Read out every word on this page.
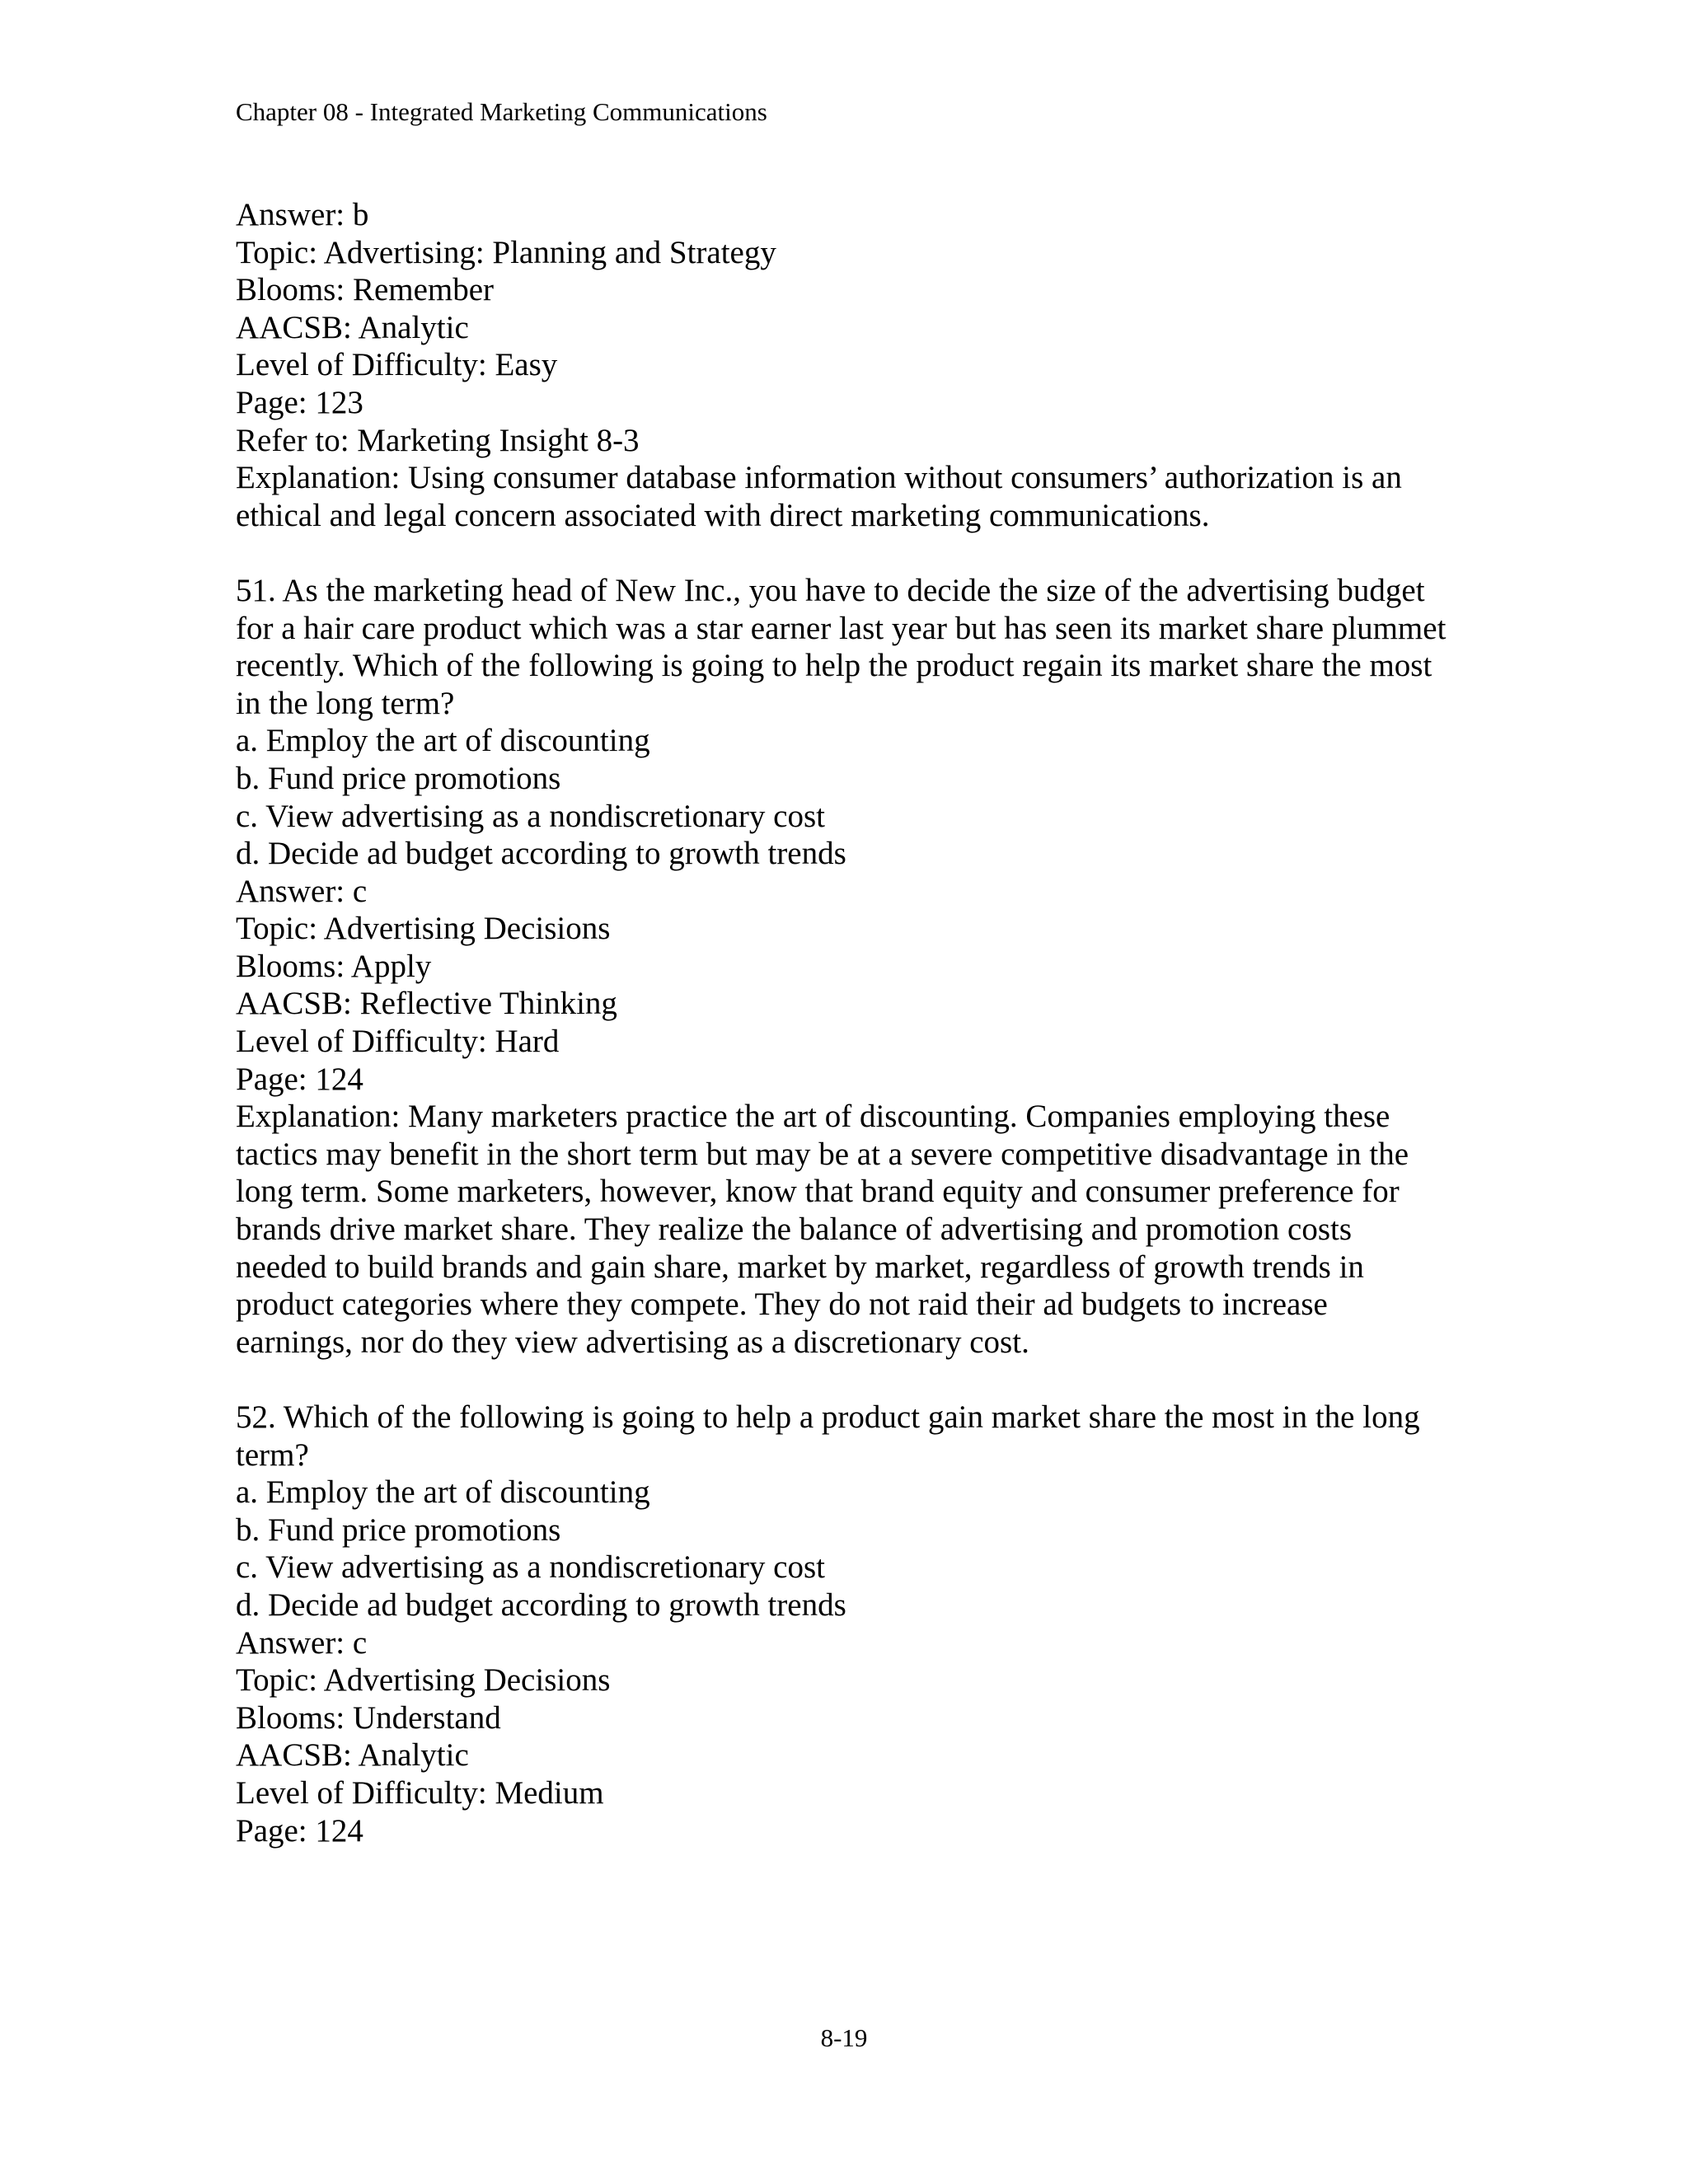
Chapter 08 - Integrated Marketing Communications
Answer: b
Topic: Advertising: Planning and Strategy
Blooms: Remember
AACSB: Analytic
Level of Difficulty: Easy
Page: 123
Refer to: Marketing Insight 8-3
Explanation: Using consumer database information without consumers’ authorization is an
ethical and legal concern associated with direct marketing communications.
51. As the marketing head of New Inc., you have to decide the size of the advertising budget
for a hair care product which was a star earner last year but has seen its market share plummet
recently. Which of the following is going to help the product regain its market share the most
in the long term?
a. Employ the art of discounting
b. Fund price promotions
c. View advertising as a nondiscretionary cost
d. Decide ad budget according to growth trends
Answer: c
Topic: Advertising Decisions
Blooms: Apply
AACSB: Reflective Thinking
Level of Difficulty: Hard
Page: 124
Explanation: Many marketers practice the art of discounting. Companies employing these
tactics may benefit in the short term but may be at a severe competitive disadvantage in the
long term. Some marketers, however, know that brand equity and consumer preference for
brands drive market share. They realize the balance of advertising and promotion costs
needed to build brands and gain share, market by market, regardless of growth trends in
product categories where they compete. They do not raid their ad budgets to increase
earnings, nor do they view advertising as a discretionary cost.
52. Which of the following is going to help a product gain market share the most in the long
term?
a. Employ the art of discounting
b. Fund price promotions
c. View advertising as a nondiscretionary cost
d. Decide ad budget according to growth trends
Answer: c
Topic: Advertising Decisions
Blooms: Understand
AACSB: Analytic
Level of Difficulty: Medium
Page: 124
8-19
